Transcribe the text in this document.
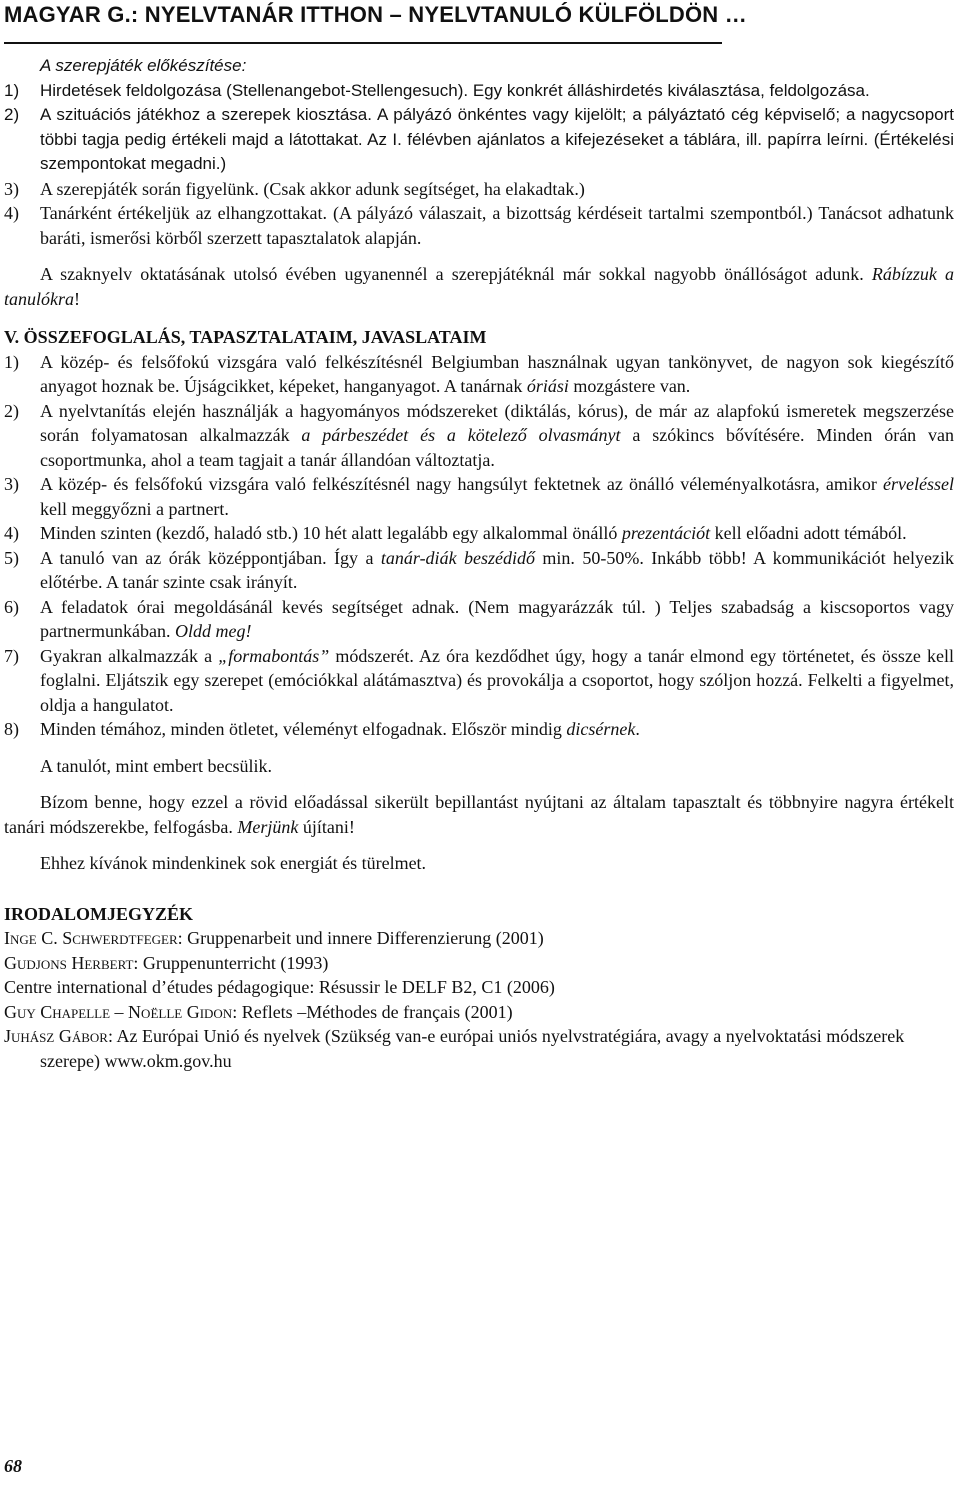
MAGYAR G.: NYELVTANÁR ITTHON – NYELVTANULÓ KÜLFÖLDÖN …

A szerepjáték előkészítése:

1) Hirdetések feldolgozása (Stellenangebot-Stellengesuch). Egy konkrét álláshirdetés kiválasztása, feldolgozása.
2) A szituációs játékhoz a szerepek kiosztása. A pályázó önkéntes vagy kijelölt; a pályáztató cég képviselő; a nagycsoport többi tagja pedig értékeli majd a látottakat. Az I. félévben ajánlatos a kifejezéseket a táblára, ill. papírra leírni. (Értékelési szempontokat megadni.)
3) A szerepjáték során figyelünk. (Csak akkor adunk segítséget, ha elakadtak.)
4) Tanárként értékeljük az elhangzottakat. (A pályázó válaszait, a bizottság kérdéseit tartalmi szempontból.) Tanácsot adhatunk baráti, ismerősi körből szerzett tapasztalatok alapján.

A szaknyelv oktatásának utolsó évében ugyanennél a szerepjátéknál már sokkal nagyobb önállóságot adunk. Rábízzuk a tanulókra!

V. ÖSSZEFOGLALÁS, TAPASZTALATAIM, JAVASLATAIM

1) A közép- és felsőfokú vizsgára való felkészítésnél Belgiumban használnak ugyan tankönyvet, de nagyon sok kiegészítő anyagot hoznak be. Újságcikket, képeket, hanganyagot. A tanárnak óriási mozgástere van.
2) A nyelvtanítás elején használják a hagyományos módszereket (diktálás, kórus), de már az alapfokú ismeretek megszerzése során folyamatosan alkalmazzák a párbeszédet és a kötelező olvasmányt a szókincs bővítésére. Minden órán van csoportmunka, ahol a team tagjait a tanár állandóan változtatja.
3) A közép- és felsőfokú vizsgára való felkészítésnél nagy hangsúlyt fektetnek az önálló véleményalkotásra, amikor érveléssel kell meggyőzni a partnert.
4) Minden szinten (kezdő, haladó stb.) 10 hét alatt legalább egy alkalommal önálló prezentációt kell előadni adott témából.
5) A tanuló van az órák középpontjában. Így a tanár-diák beszédidő min. 50-50%. Inkább több! A kommunikációt helyezik előtérbe. A tanár szinte csak irányít.
6) A feladatok órai megoldásánál kevés segítséget adnak. (Nem magyarázzák túl. ) Teljes szabadság a kiscsoportos vagy partnermunkában. Oldd meg!
7) Gyakran alkalmazzák a „formabontás” módszerét. Az óra kezdődhet úgy, hogy a tanár elmond egy történetet, és össze kell foglalni. Eljátszik egy szerepet (emóciókkal alátámasztva) és provokálja a csoportot, hogy szóljon hozzá. Felkelti a figyelmet, oldja a hangulatot.
8) Minden témához, minden ötletet, véleményt elfogadnak. Először mindig dicsérnek.

A tanulót, mint embert becsülik.

Bízom benne, hogy ezzel a rövid előadással sikerült bepillantást nyújtani az általam tapasztalt és többnyire nagyra értékelt tanári módszerekbe, felfogásba. Merjünk újítani!

Ehhez kívánok mindenkinek sok energiát és türelmet.

IRODALOMJEGYZÉK

Inge C. Schwerdtfeger: Gruppenarbeit und innere Differenzierung (2001)

Gudjons Herbert: Gruppenunterricht (1993)

Centre international d’études pédagogique: Résussir le DELF B2, C1 (2006)

Guy Chapelle – Noëlle Gidon: Reflets –Méthodes de français (2001)

Juhász Gábor: Az Európai Unió és nyelvek (Szükség van-e európai uniós nyelvstratégiára, avagy a nyelvoktatási módszerek szerepe) www.okm.gov.hu

68
